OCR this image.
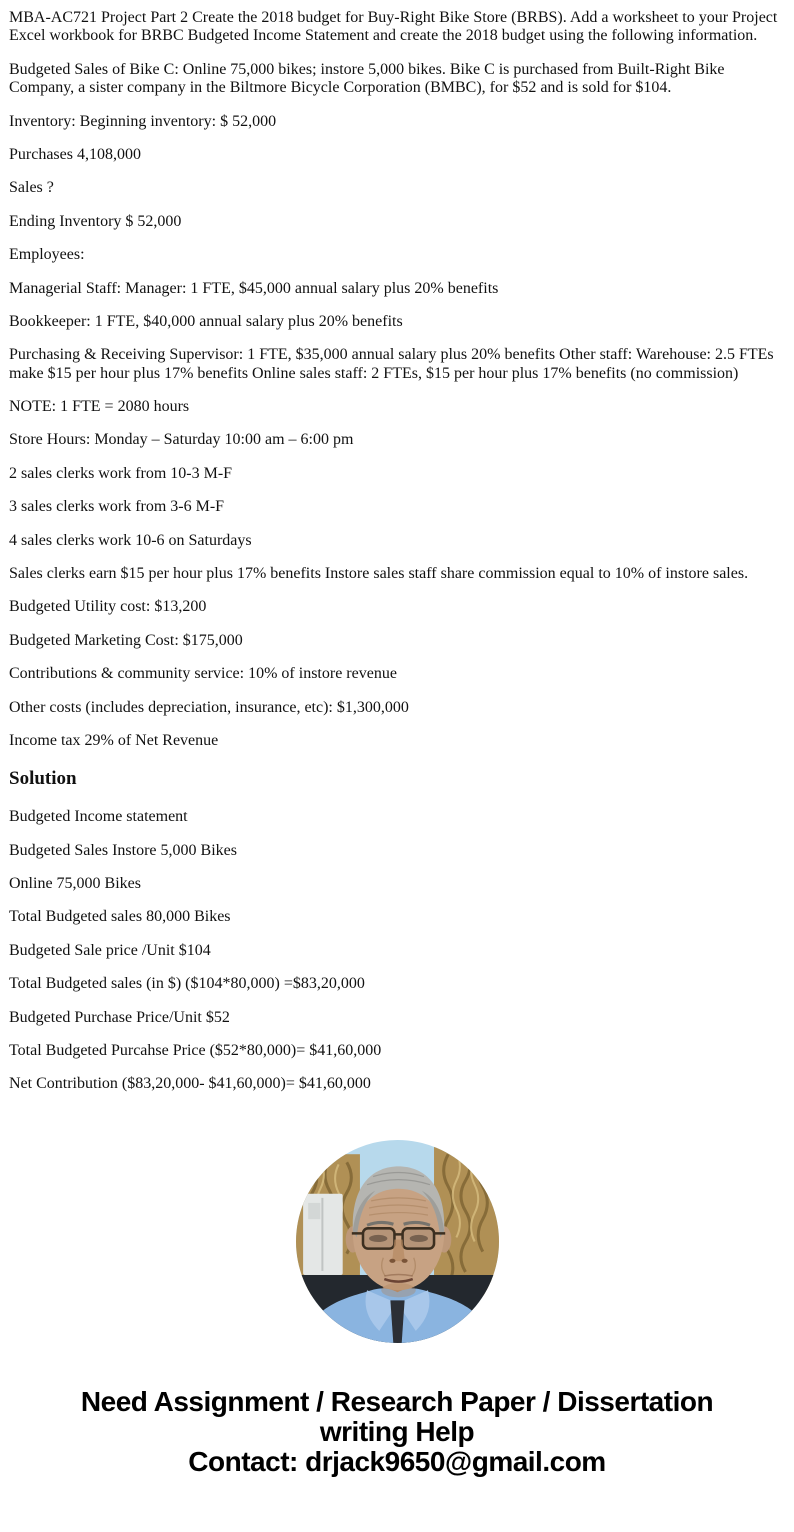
MBA-AC721 Project Part 2 Create the 2018 budget for Buy-Right Bike Store (BRBS). Add a worksheet to your Project Excel workbook for BRBC Budgeted Income Statement and create the 2018 budget using the following information.

Budgeted Sales of Bike C: Online 75,000 bikes; instore 5,000 bikes. Bike C is purchased from Built-Right Bike Company, a sister company in the Biltmore Bicycle Corporation (BMBC), for $52 and is sold for $104.

Inventory: Beginning inventory: $ 52,000

Purchases 4,108,000

Sales ?

Ending Inventory $ 52,000

Employees:

Managerial Staff: Manager: 1 FTE, $45,000 annual salary plus 20% benefits

Bookkeeper: 1 FTE, $40,000 annual salary plus 20% benefits

Purchasing & Receiving Supervisor: 1 FTE, $35,000 annual salary plus 20% benefits Other staff: Warehouse: 2.5 FTEs make $15 per hour plus 17% benefits Online sales staff: 2 FTEs, $15 per hour plus 17% benefits (no commission)

NOTE: 1 FTE = 2080 hours

Store Hours: Monday – Saturday 10:00 am – 6:00 pm

2 sales clerks work from 10-3 M-F

3 sales clerks work from 3-6 M-F

4 sales clerks work 10-6 on Saturdays

Sales clerks earn $15 per hour plus 17% benefits Instore sales staff share commission equal to 10% of instore sales.

Budgeted Utility cost: $13,200

Budgeted Marketing Cost: $175,000

Contributions & community service: 10% of instore revenue

Other costs (includes depreciation, insurance, etc): $1,300,000

Income tax 29% of Net Revenue

Solution

Budgeted Income statement

Budgeted Sales Instore 5,000 Bikes

Online 75,000 Bikes

Total Budgeted sales 80,000 Bikes

Budgeted Sale price /Unit $104

Total Budgeted sales (in $) ($104*80,000) =$83,20,000

Budgeted Purchase Price/Unit $52

Total Budgeted Purcahse Price ($52*80,000)= $41,60,000

Net Contribution ($83,20,000- $41,60,000)= $41,60,000

Need Assignment / Research Paper / Dissertation
writing Help
Contact: drjack9650@gmail.com
